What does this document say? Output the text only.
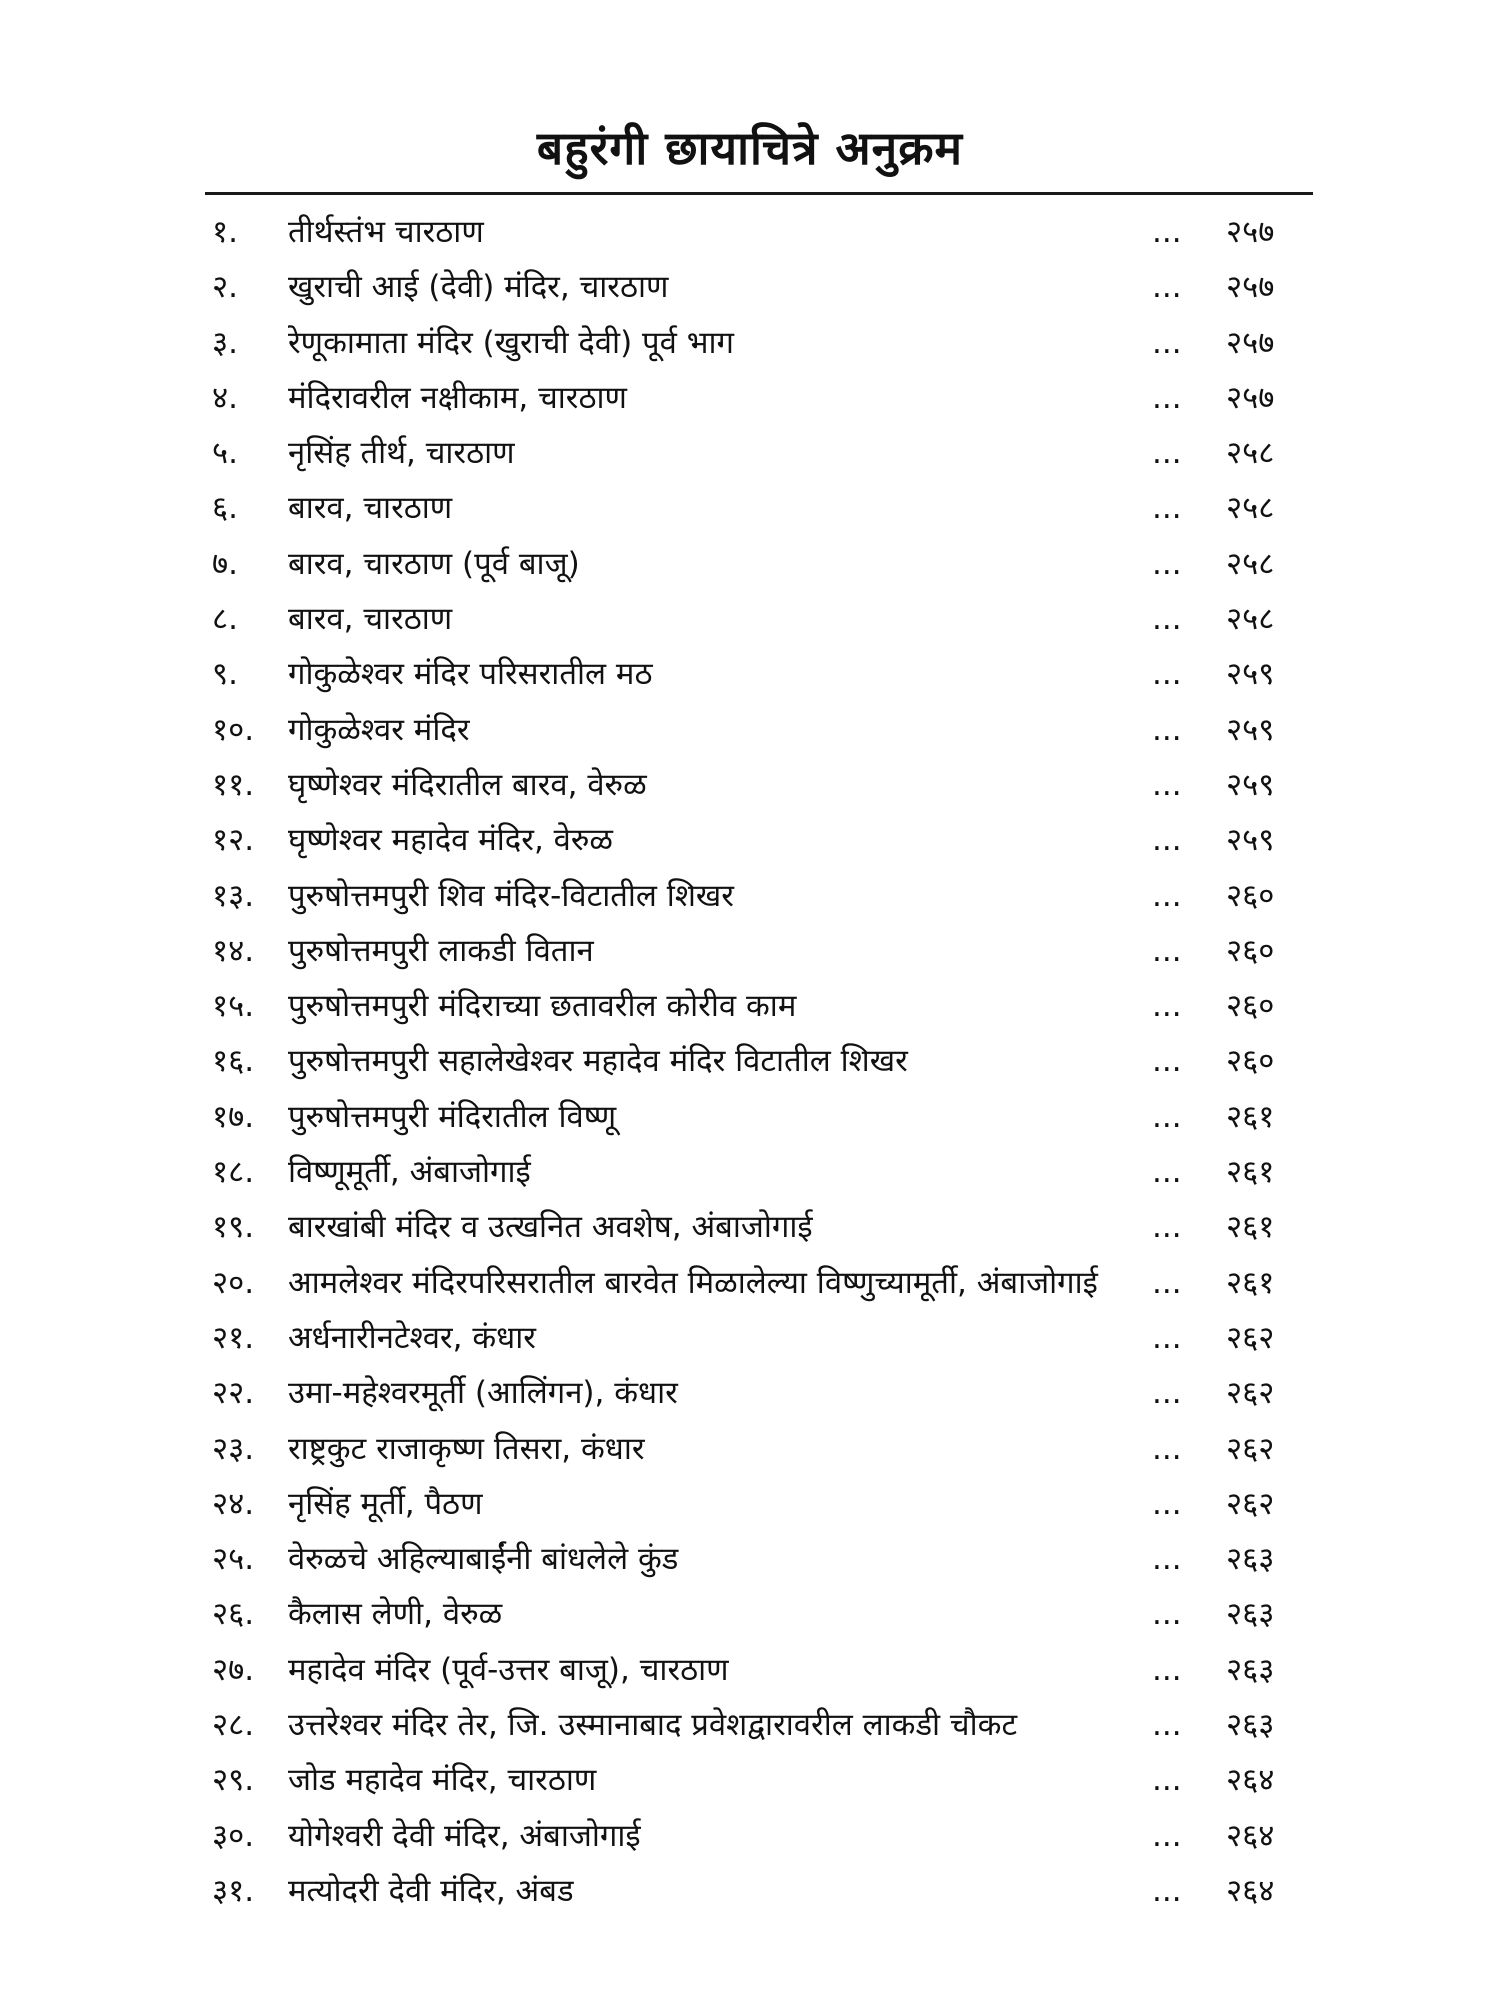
बहुरंगी छायाचित्रे अनुक्रम
१.	तीर्थस्तंभ चारठाण	...	२५७
२.	खुराची आई (देवी) मंदिर, चारठाण	...	२५७
३.	रेणूकामाता मंदिर (खुराची देवी) पूर्व भाग	...	२५७
४.	मंदिरावरील नक्षीकाम, चारठाण	...	२५७
५.	नृसिंह तीर्थ, चारठाण	...	२५८
६.	बारव, चारठाण	...	२५८
७.	बारव, चारठाण (पूर्व बाजू)	...	२५८
८.	बारव, चारठाण	...	२५८
९.	गोकुळेश्वर मंदिर परिसरातील मठ	...	२५९
१०.	गोकुळेश्वर मंदिर	...	२५९
११.	घृष्णेश्वर मंदिरातील बारव, वेरुळ	...	२५९
१२.	घृष्णेश्वर महादेव मंदिर, वेरुळ	...	२५९
१३.	पुरुषोत्तमपुरी शिव मंदिर-विटातील शिखर	...	२६०
१४.	पुरुषोत्तमपुरी लाकडी वितान	...	२६०
१५.	पुरुषोत्तमपुरी मंदिराच्या छतावरील कोरीव काम	...	२६०
१६.	पुरुषोत्तमपुरी सहालेखेश्वर महादेव मंदिर विटातील शिखर	...	२६०
१७.	पुरुषोत्तमपुरी मंदिरातील विष्णू	...	२६१
१८.	विष्णूमूर्ती, अंबाजोगाई	...	२६१
१९.	बारखांबी मंदिर व उत्खनित अवशेष, अंबाजोगाई	...	२६१
२०.	आमलेश्वर मंदिरपरिसरातील बारवेत मिळालेल्या विष्णुच्यामूर्ती, अंबाजोगाई	...	२६१
२१.	अर्धनारीनटेश्वर, कंधार	...	२६२
२२.	उमा-महेश्वरमूर्ती (आलिंगन), कंधार	...	२६२
२३.	राष्ट्रकुट राजाकृष्ण तिसरा, कंधार	...	२६२
२४.	नृसिंह मूर्ती, पैठण	...	२६२
२५.	वेरुळचे अहिल्याबाईंनी बांधलेले कुंड	...	२६३
२६.	कैलास लेणी, वेरुळ	...	२६३
२७.	महादेव मंदिर (पूर्व-उत्तर बाजू), चारठाण	...	२६३
२८.	उत्तरेश्वर मंदिर तेर, जि. उस्मानाबाद प्रवेशद्वारावरील लाकडी चौकट	...	२६३
२९.	जोड महादेव मंदिर, चारठाण	...	२६४
३०.	योगेश्वरी देवी मंदिर, अंबाजोगाई	...	२६४
३१.	मत्योदरी देवी मंदिर, अंबड	...	२६४
